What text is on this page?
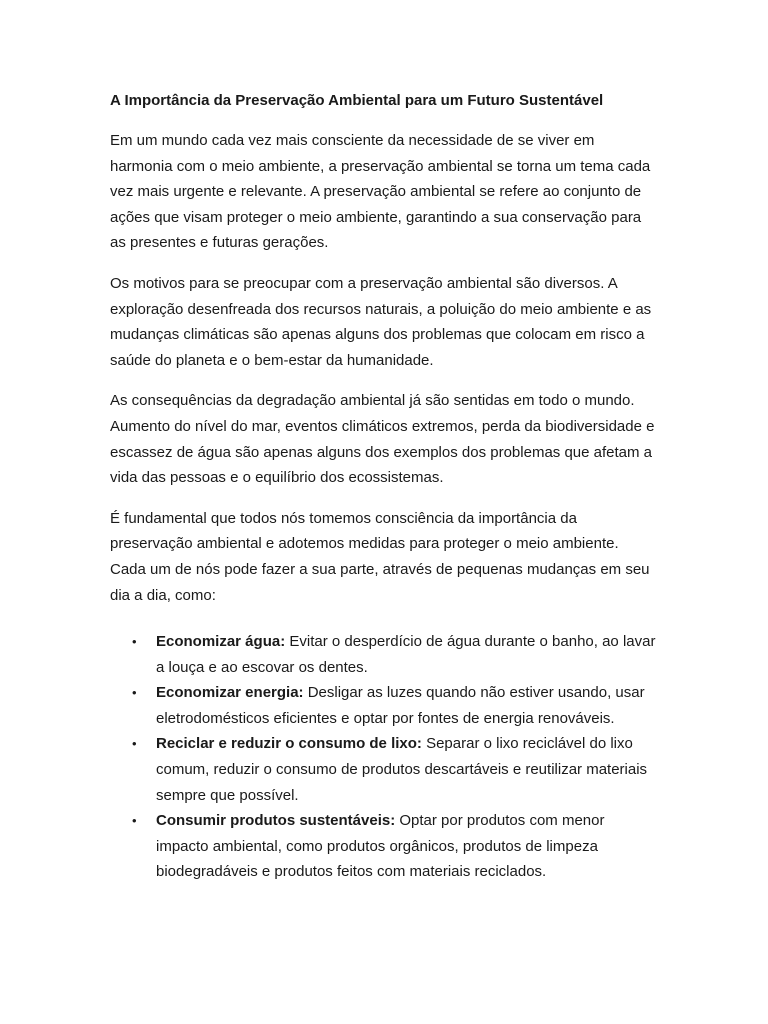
A Importância da Preservação Ambiental para um Futuro Sustentável

Em um mundo cada vez mais consciente da necessidade de se viver em harmonia com o meio ambiente, a preservação ambiental se torna um tema cada vez mais urgente e relevante. A preservação ambiental se refere ao conjunto de ações que visam proteger o meio ambiente, garantindo a sua conservação para as presentes e futuras gerações.

Os motivos para se preocupar com a preservação ambiental são diversos. A exploração desenfreada dos recursos naturais, a poluição do meio ambiente e as mudanças climáticas são apenas alguns dos problemas que colocam em risco a saúde do planeta e o bem-estar da humanidade.

As consequências da degradação ambiental já são sentidas em todo o mundo. Aumento do nível do mar, eventos climáticos extremos, perda da biodiversidade e escassez de água são apenas alguns dos exemplos dos problemas que afetam a vida das pessoas e o equilíbrio dos ecossistemas.

É fundamental que todos nós tomemos consciência da importância da preservação ambiental e adotemos medidas para proteger o meio ambiente. Cada um de nós pode fazer a sua parte, através de pequenas mudanças em seu dia a dia, como:

• Economizar água: Evitar o desperdício de água durante o banho, ao lavar a louça e ao escovar os dentes.
• Economizar energia: Desligar as luzes quando não estiver usando, usar eletrodomésticos eficientes e optar por fontes de energia renováveis.
• Reciclar e reduzir o consumo de lixo: Separar o lixo reciclável do lixo comum, reduzir o consumo de produtos descartáveis e reutilizar materiais sempre que possível.
• Consumir produtos sustentáveis: Optar por produtos com menor impacto ambiental, como produtos orgânicos, produtos de limpeza biodegradáveis e produtos feitos com materiais reciclados.
